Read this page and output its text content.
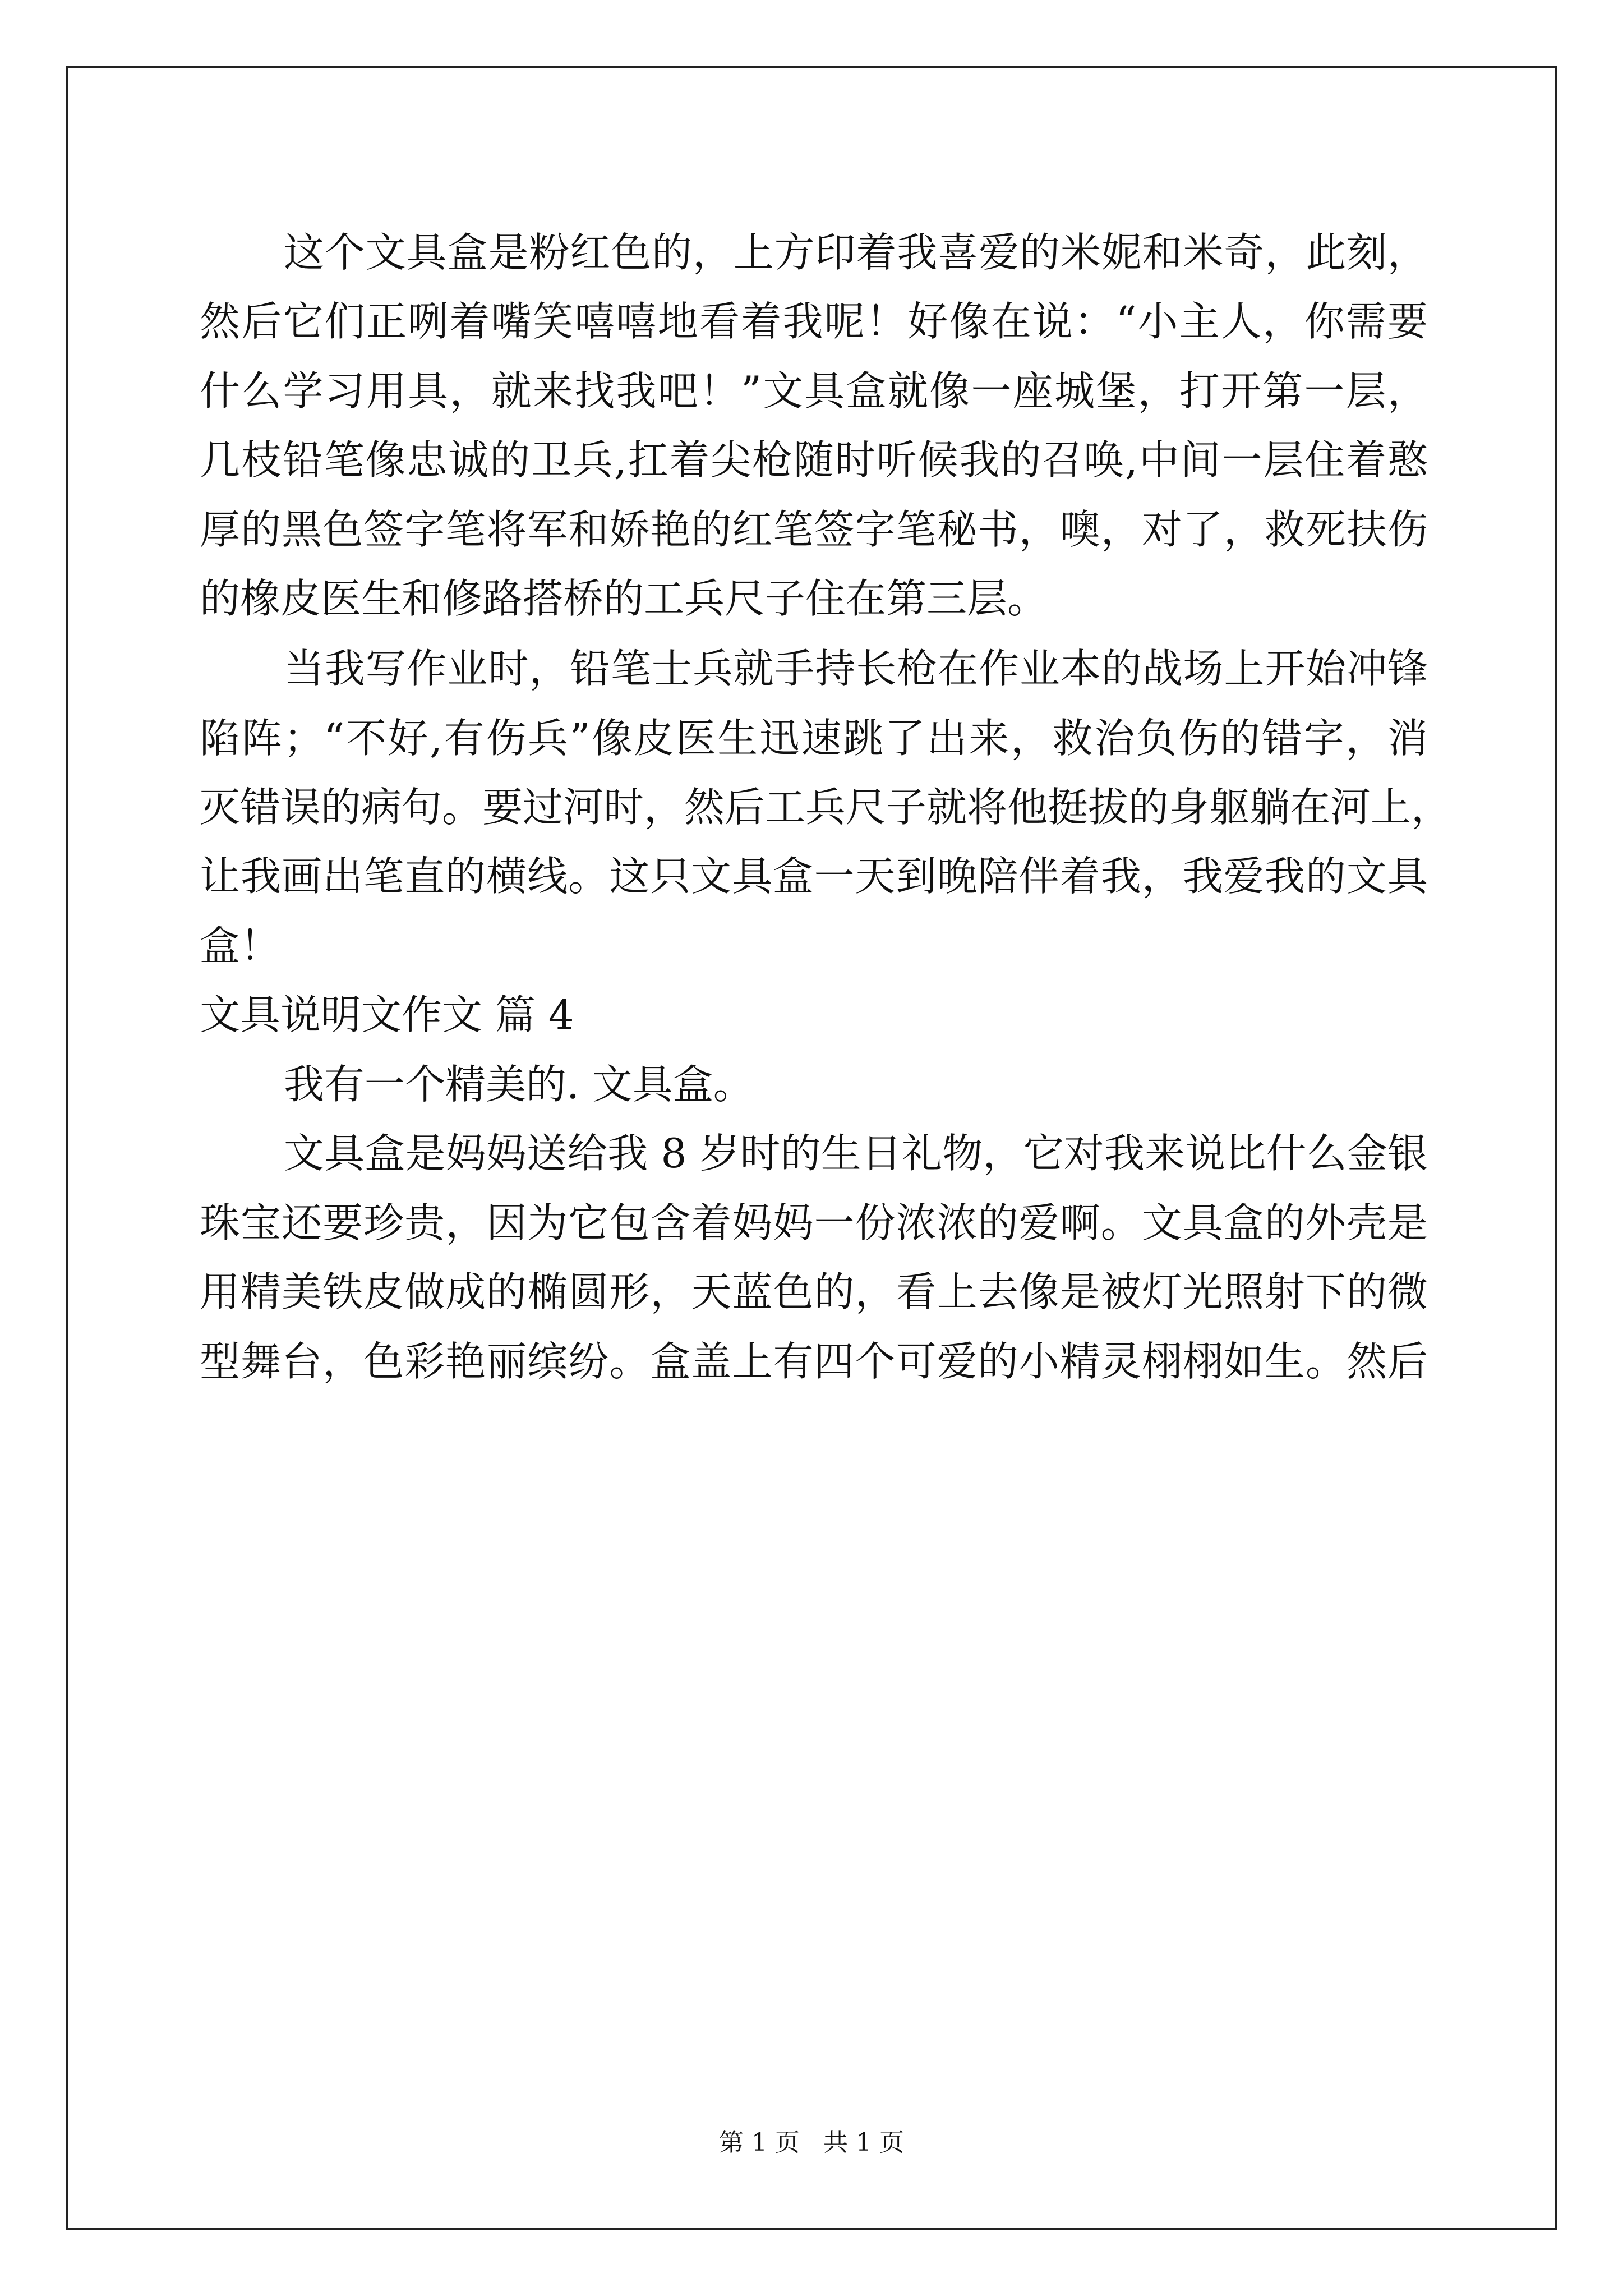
这个文具盒是粉红色的，上方印着我喜爱的米妮和米奇，此刻，
然后它们正咧着嘴笑嘻嘻地看着我呢！好像在说：“小主人，你需要
什么学习用具，就来找我吧！”文具盒就像一座城堡，打开第一层，
几枝铅笔像忠诚的卫兵,扛着尖枪随时听候我的召唤,中间一层住着憨
厚的黑色签字笔将军和娇艳的红笔签字笔秘书，噢，对了，救死扶伤
的橡皮医生和修路搭桥的工兵尺子住在第三层。
当我写作业时，铅笔士兵就手持长枪在作业本的战场上开始冲锋
陷阵；“不好,有伤兵”像皮医生迅速跳了出来，救治负伤的错字，消
灭错误的病句。要过河时，然后工兵尺子就将他挺拔的身躯躺在河上，
让我画出笔直的横线。这只文具盒一天到晚陪伴着我，我爱我的文具
盒！
文具说明文作文 篇 4
我有一个精美的. 文具盒。
文具盒是妈妈送给我 8 岁时的生日礼物，它对我来说比什么金银
珠宝还要珍贵，因为它包含着妈妈一份浓浓的爱啊。文具盒的外壳是
用精美铁皮做成的椭圆形，天蓝色的，看上去像是被灯光照射下的微
型舞台，色彩艳丽缤纷。盒盖上有四个可爱的小精灵栩栩如生。然后
第 1 页 共 1 页
